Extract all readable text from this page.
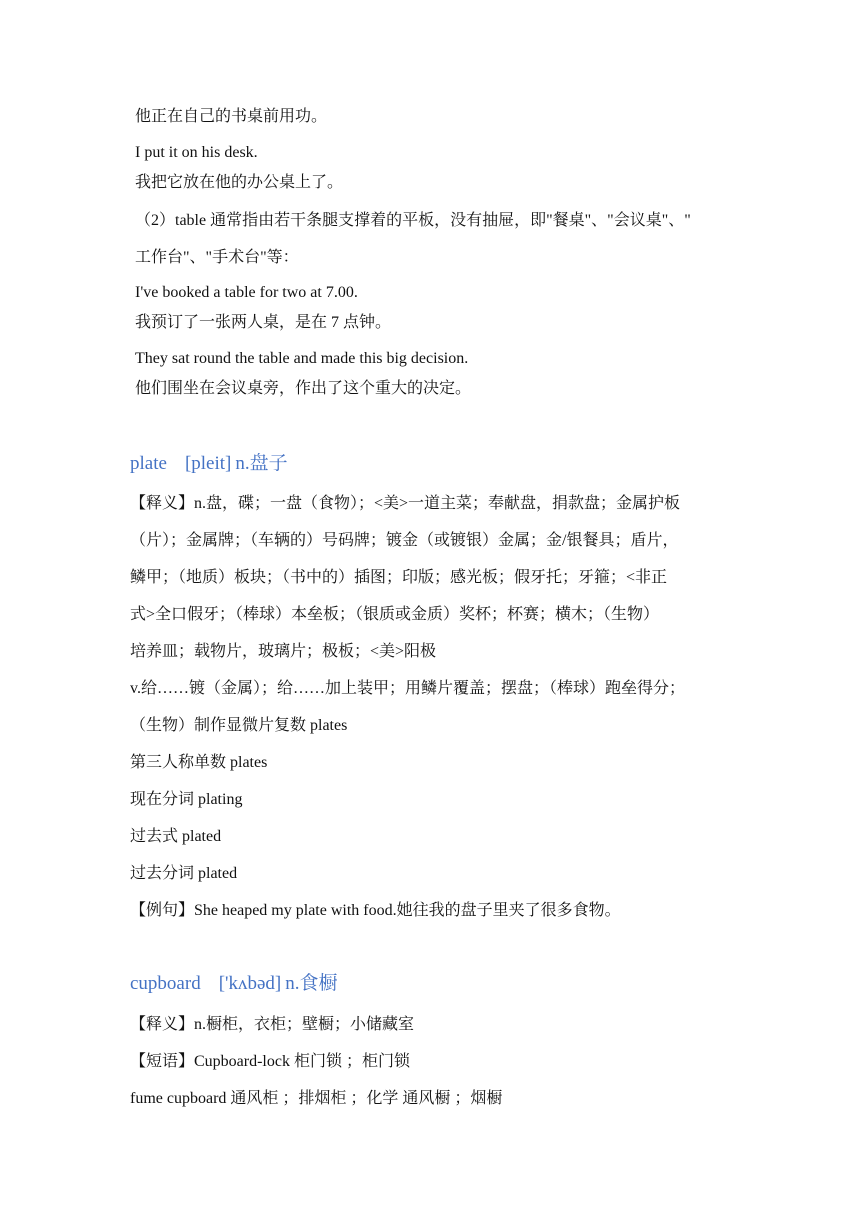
他正在自己的书桌前用功。
I put it on his desk.
我把它放在他的办公桌上了。
（2）table 通常指由若干条腿支撑着的平板，没有抽屉，即"餐桌"、"会议桌"、"
工作台"、"手术台"等：
I've booked a table for two at 7.00.
我预订了一张两人桌，是在 7 点钟。
They sat round the table and made this big decision.
他们围坐在会议桌旁，作出了这个重大的决定。
plate [pleit] n.盘子
【释义】n.盘，碟；一盘（食物）；<美>一道主菜；奉献盘，捐款盘；金属护板
（片）；金属牌；（车辆的）号码牌；镀金（或镀银）金属；金/银餐具；盾片，
鳞甲；（地质）板块；（书中的）插图；印版；感光板；假牙托；牙箍；<非正
式>全口假牙；（棒球）本垒板；（银质或金质）奖杯；杯赛；横木；（生物）
培养皿；载物片，玻璃片；极板；<美>阳极
v.给……镀（金属）；给……加上装甲；用鳞片覆盖；摆盘；（棒球）跑垒得分；
（生物）制作显微片复数 plates
第三人称单数 plates
现在分词 plating
过去式 plated
过去分词 plated
【例句】She heaped my plate with food.她往我的盘子里夹了很多食物。
cupboard ['kʌbəd] n.食橱
【释义】n.橱柜，衣柜；壁橱；小储藏室
【短语】Cupboard-lock 柜门锁 ；柜门锁
fume cupboard 通风柜 ；排烟柜 ；化学 通风橱 ；烟橱
